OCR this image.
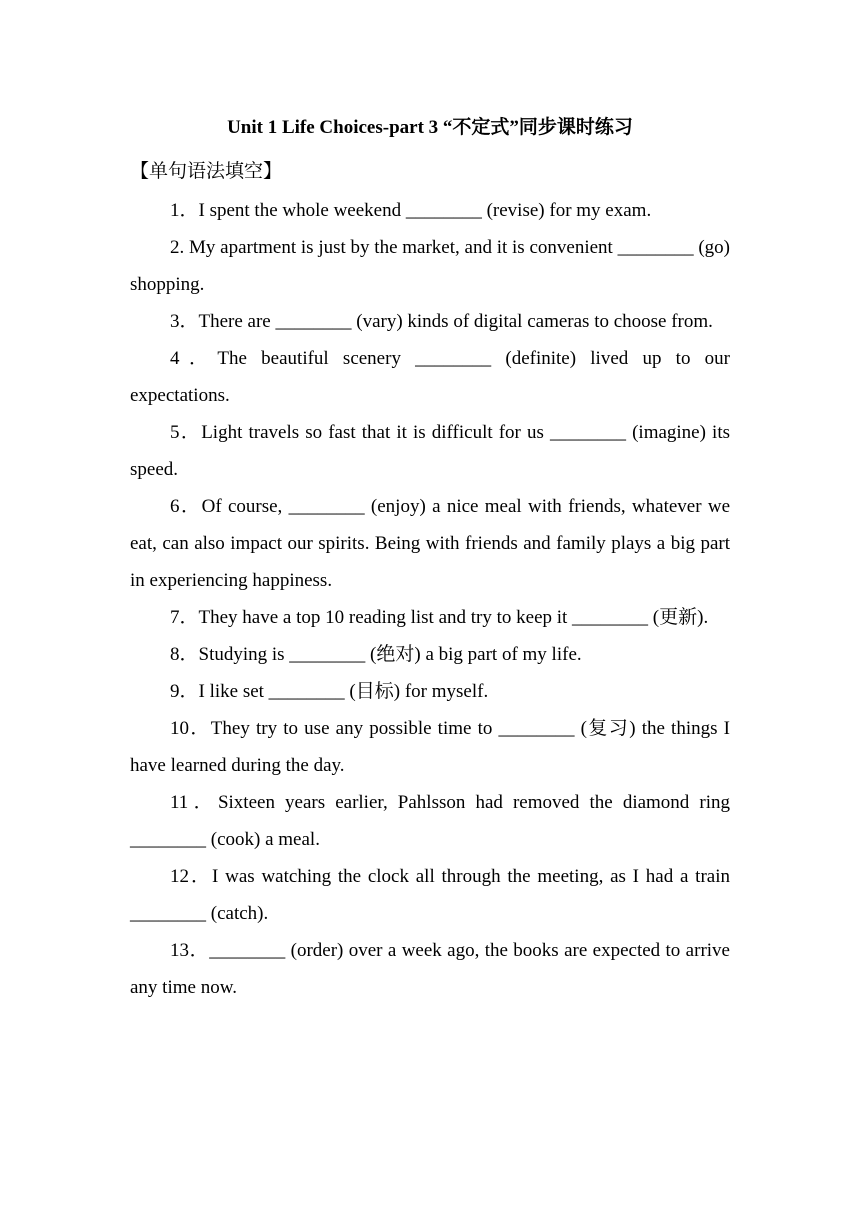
Unit 1 Life Choices-part 3 “不定式”同步课时练习
【单句语法填空】

1．I spent the whole weekend ________ (revise) for my exam.

2. My apartment is just by the market, and it is convenient ________ (go) shopping.

3．There are ________ (vary) kinds of digital cameras to choose from.

4．The beautiful scenery ________ (definite) lived up to our expectations.

5．Light travels so fast that it is difficult for us ________ (imagine) its speed.

6．Of course, ________ (enjoy) a nice meal with friends, whatever we eat, can also impact our spirits. Being with friends and family plays a big part in experiencing happiness.

7．They have a top 10 reading list and try to keep it ________ (更新).

8．Studying is ________ (绝对) a big part of my life.

9．I like set ________ (目标) for myself.

10．They try to use any possible time to ________ (复习) the things I have learned during the day.

11．Sixteen years earlier, Pahlsson had removed the diamond ring ________ (cook) a meal.

12．I was watching the clock all through the meeting, as I had a train ________ (catch).

13．________ (order) over a week ago, the books are expected to arrive any time now.
